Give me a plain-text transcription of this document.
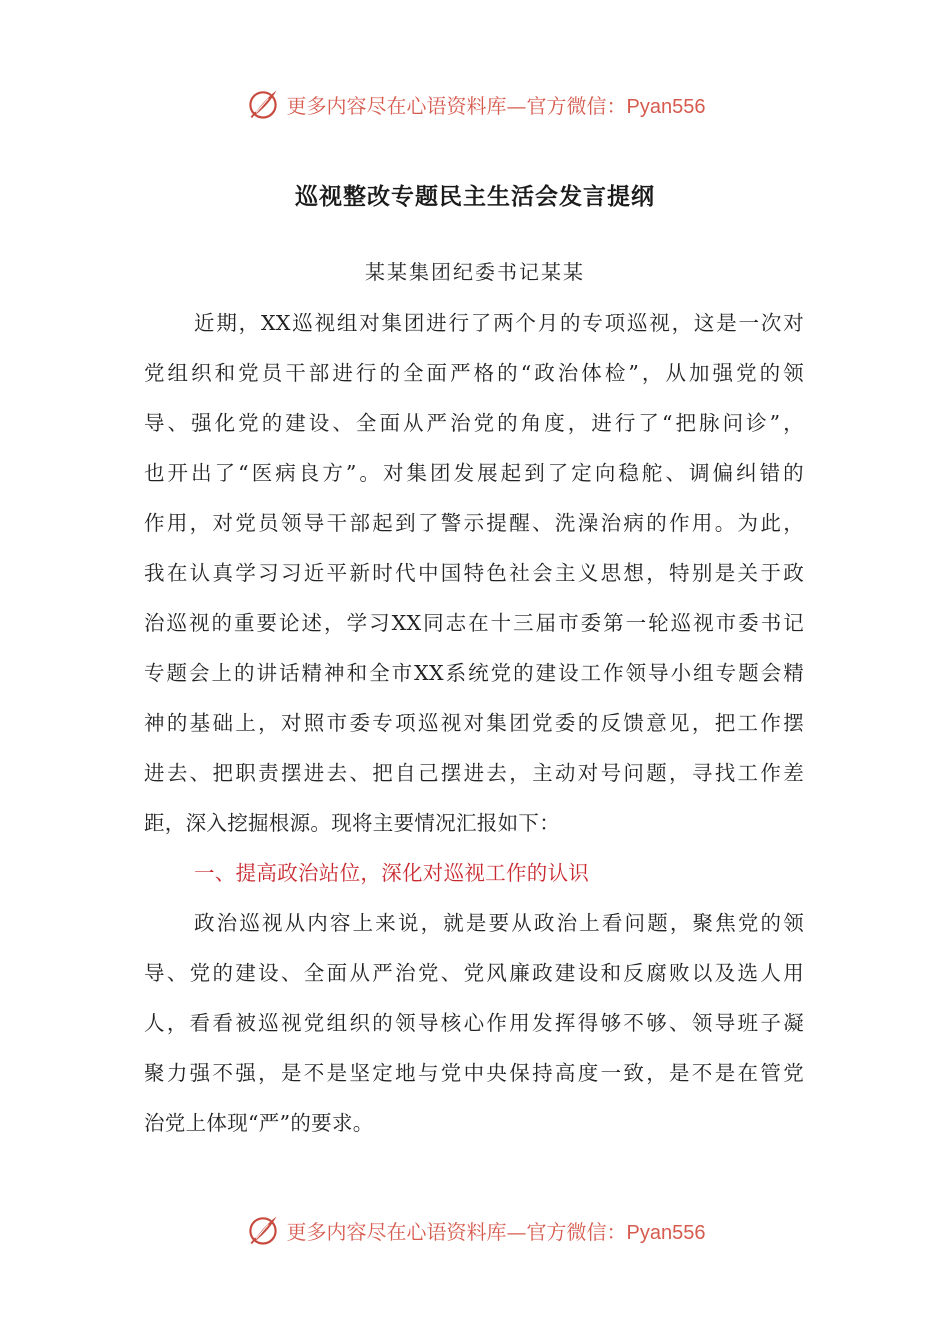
更多内容尽在心语资料库—官方微信：Pyan556
巡视整改专题民主生活会发言提纲
某某集团纪委书记某某
近期，XX巡视组对集团进行了两个月的专项巡视，这是一次对
党组织和党员干部进行的全面严格的“政治体检”，从加强党的领
导、强化党的建设、全面从严治党的角度，进行了“把脉问诊”，
也开出了“医病良方”。对集团发展起到了定向稳舵、调偏纠错的
作用，对党员领导干部起到了警示提醒、洗澡治病的作用。为此，
我在认真学习习近平新时代中国特色社会主义思想，特别是关于政
治巡视的重要论述，学习XX同志在十三届市委第一轮巡视市委书记
专题会上的讲话精神和全市XX系统党的建设工作领导小组专题会精
神的基础上，对照市委专项巡视对集团党委的反馈意见，把工作摆
进去、把职责摆进去、把自己摆进去，主动对号问题，寻找工作差
距，深入挖掘根源。现将主要情况汇报如下：
一、提高政治站位，深化对巡视工作的认识
政治巡视从内容上来说，就是要从政治上看问题，聚焦党的领
导、党的建设、全面从严治党、党风廉政建设和反腐败以及选人用
人，看看被巡视党组织的领导核心作用发挥得够不够、领导班子凝
聚力强不强，是不是坚定地与党中央保持高度一致，是不是在管党
治党上体现“严”的要求。
更多内容尽在心语资料库—官方微信：Pyan556
